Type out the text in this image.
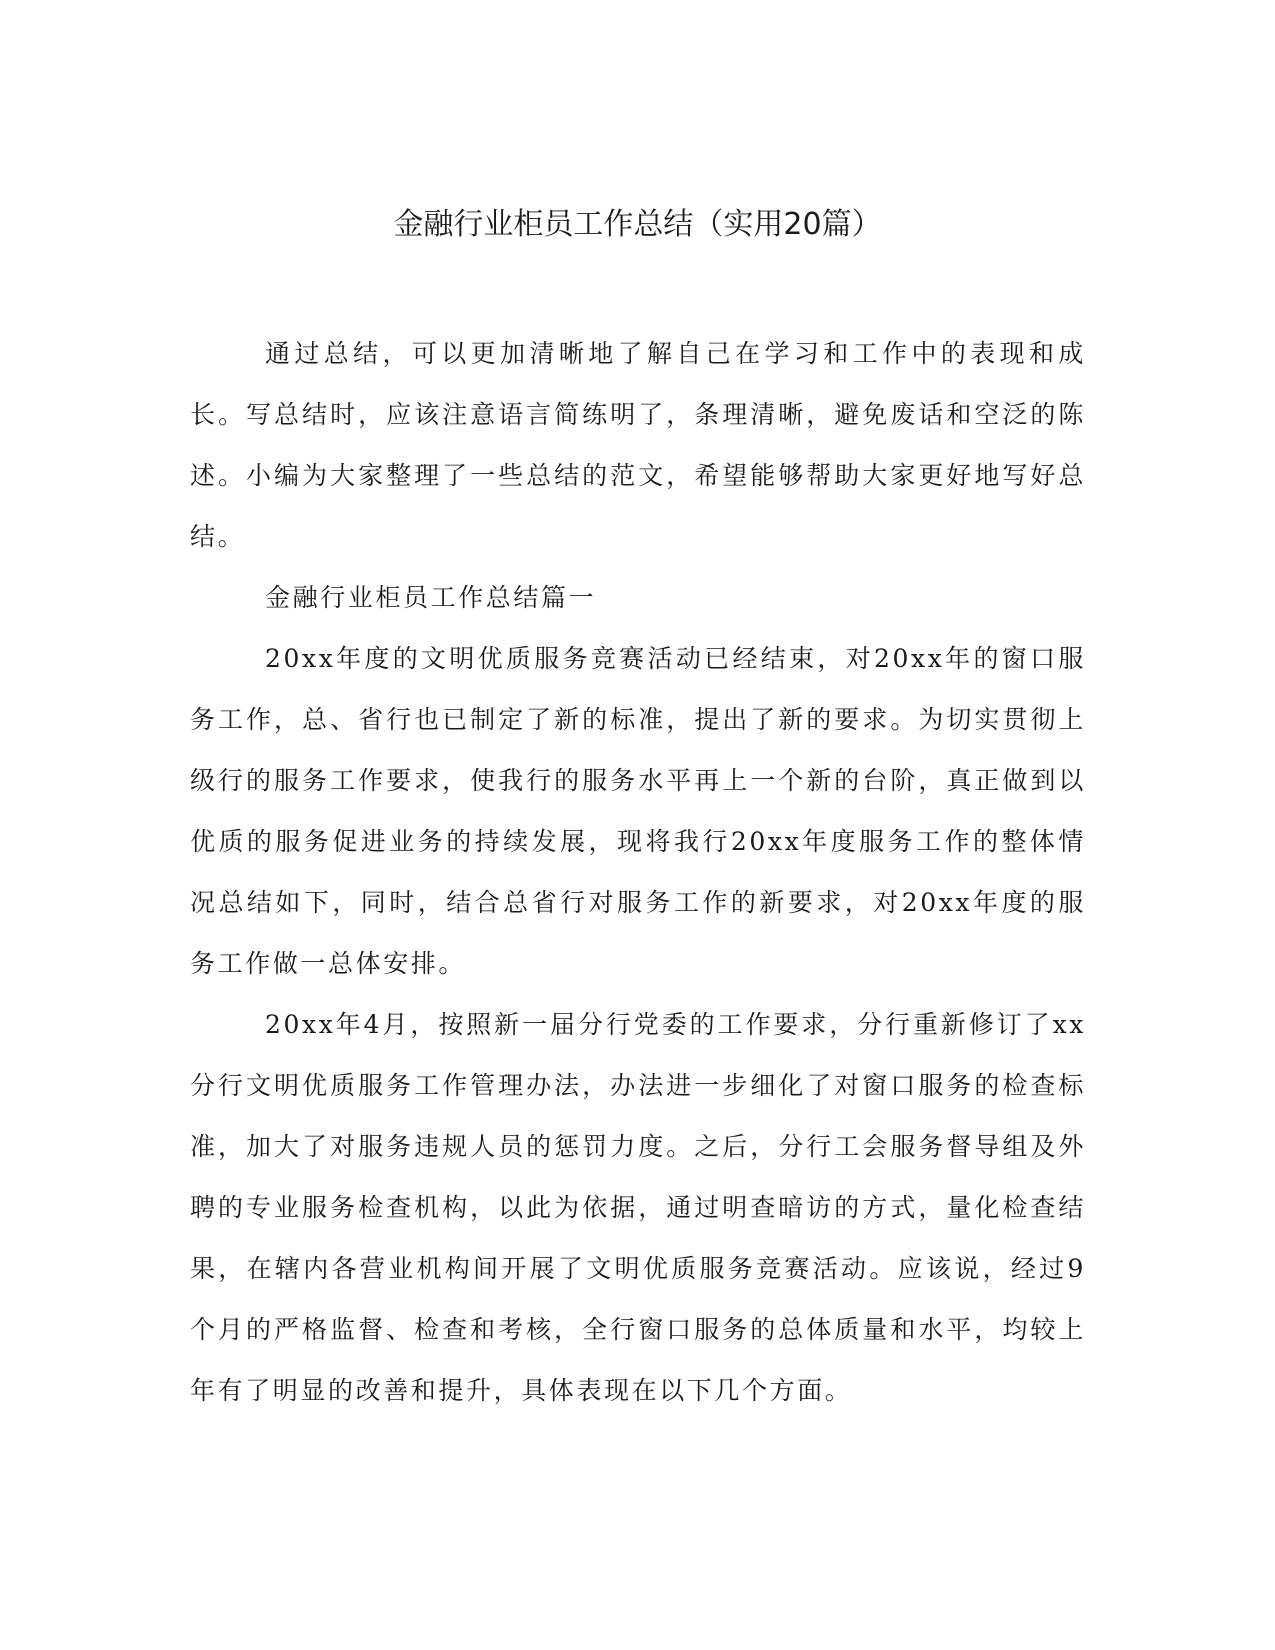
金融行业柜员工作总结（实用20篇）

通过总结，可以更加清晰地了解自己在学习和工作中的表现和成长。写总结时，应该注意语言简练明了，条理清晰，避免废话和空泛的陈述。小编为大家整理了一些总结的范文，希望能够帮助大家更好地写好总结。

金融行业柜员工作总结篇一

20xx年度的文明优质服务竞赛活动已经结束，对20xx年的窗口服务工作，总、省行也已制定了新的标准，提出了新的要求。为切实贯彻上级行的服务工作要求，使我行的服务水平再上一个新的台阶，真正做到以优质的服务促进业务的持续发展，现将我行20xx年度服务工作的整体情况总结如下，同时，结合总省行对服务工作的新要求，对20xx年度的服务工作做一总体安排。

20xx年4月，按照新一届分行党委的工作要求，分行重新修订了xx分行文明优质服务工作管理办法，办法进一步细化了对窗口服务的检查标准，加大了对服务违规人员的惩罚力度。之后，分行工会服务督导组及外聘的专业服务检查机构，以此为依据，通过明查暗访的方式，量化检查结果，在辖内各营业机构间开展了文明优质服务竞赛活动。应该说，经过9个月的严格监督、检查和考核，全行窗口服务的总体质量和水平，均较上年有了明显的改善和提升，具体表现在以下几个方面。
